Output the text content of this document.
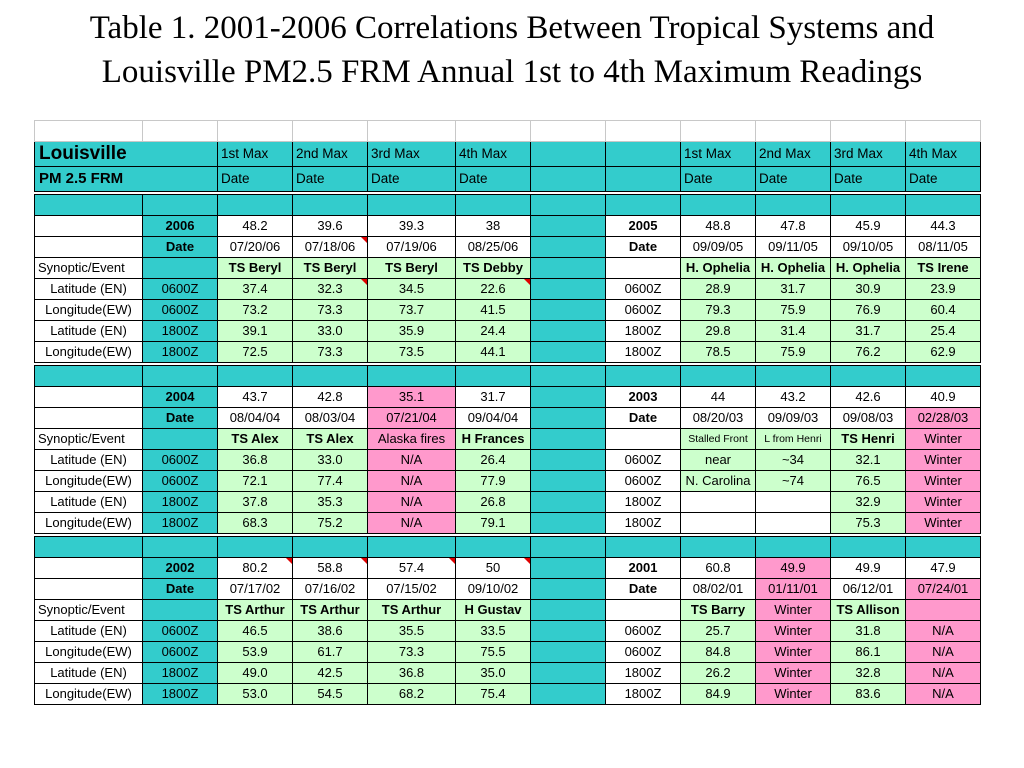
Table 1. 2001-2006 Correlations Between Tropical Systems and
Louisville PM2.5 FRM Annual 1st to 4th Maximum Readings

Louisville		1st Max	2nd Max	3rd Max	4th Max			1st Max	2nd Max	3rd Max	4th Max
PM 2.5 FRM		Date	Date	Date	Date			Date	Date	Date	Date

	2006	48.2	39.6	39.3	38		2005	48.8	47.8	45.9	44.3
	Date	07/20/06	07/18/06	07/19/06	08/25/06		Date	09/09/05	09/11/05	09/10/05	08/11/05
Synoptic/Event		TS Beryl	TS Beryl	TS Beryl	TS Debby			H. Ophelia	H. Ophelia	H. Ophelia	TS Irene
Latitude (EN)	0600Z	37.4	32.3	34.5	22.6		0600Z	28.9	31.7	30.9	23.9
Longitude(EW)	0600Z	73.2	73.3	73.7	41.5		0600Z	79.3	75.9	76.9	60.4
Latitude (EN)	1800Z	39.1	33.0	35.9	24.4		1800Z	29.8	31.4	31.7	25.4
Longitude(EW)	1800Z	72.5	73.3	73.5	44.1		1800Z	78.5	75.9	76.2	62.9

	2004	43.7	42.8	35.1	31.7		2003	44	43.2	42.6	40.9
	Date	08/04/04	08/03/04	07/21/04	09/04/04		Date	08/20/03	09/09/03	09/08/03	02/28/03
Synoptic/Event		TS Alex	TS Alex	Alaska fires	H Frances			Stalled Front	L from Henri	TS Henri	Winter
Latitude (EN)	0600Z	36.8	33.0	N/A	26.4		0600Z	near	~34	32.1	Winter
Longitude(EW)	0600Z	72.1	77.4	N/A	77.9		0600Z	N. Carolina	~74	76.5	Winter
Latitude (EN)	1800Z	37.8	35.3	N/A	26.8		1800Z			32.9	Winter
Longitude(EW)	1800Z	68.3	75.2	N/A	79.1		1800Z			75.3	Winter

	2002	80.2	58.8	57.4	50		2001	60.8	49.9	49.9	47.9
	Date	07/17/02	07/16/02	07/15/02	09/10/02		Date	08/02/01	01/11/01	06/12/01	07/24/01
Synoptic/Event		TS Arthur	TS Arthur	TS Arthur	H Gustav			TS Barry	Winter	TS Allison	
Latitude (EN)	0600Z	46.5	38.6	35.5	33.5		0600Z	25.7	Winter	31.8	N/A
Longitude(EW)	0600Z	53.9	61.7	73.3	75.5		0600Z	84.8	Winter	86.1	N/A
Latitude (EN)	1800Z	49.0	42.5	36.8	35.0		1800Z	26.2	Winter	32.8	N/A
Longitude(EW)	1800Z	53.0	54.5	68.2	75.4		1800Z	84.9	Winter	83.6	N/A
